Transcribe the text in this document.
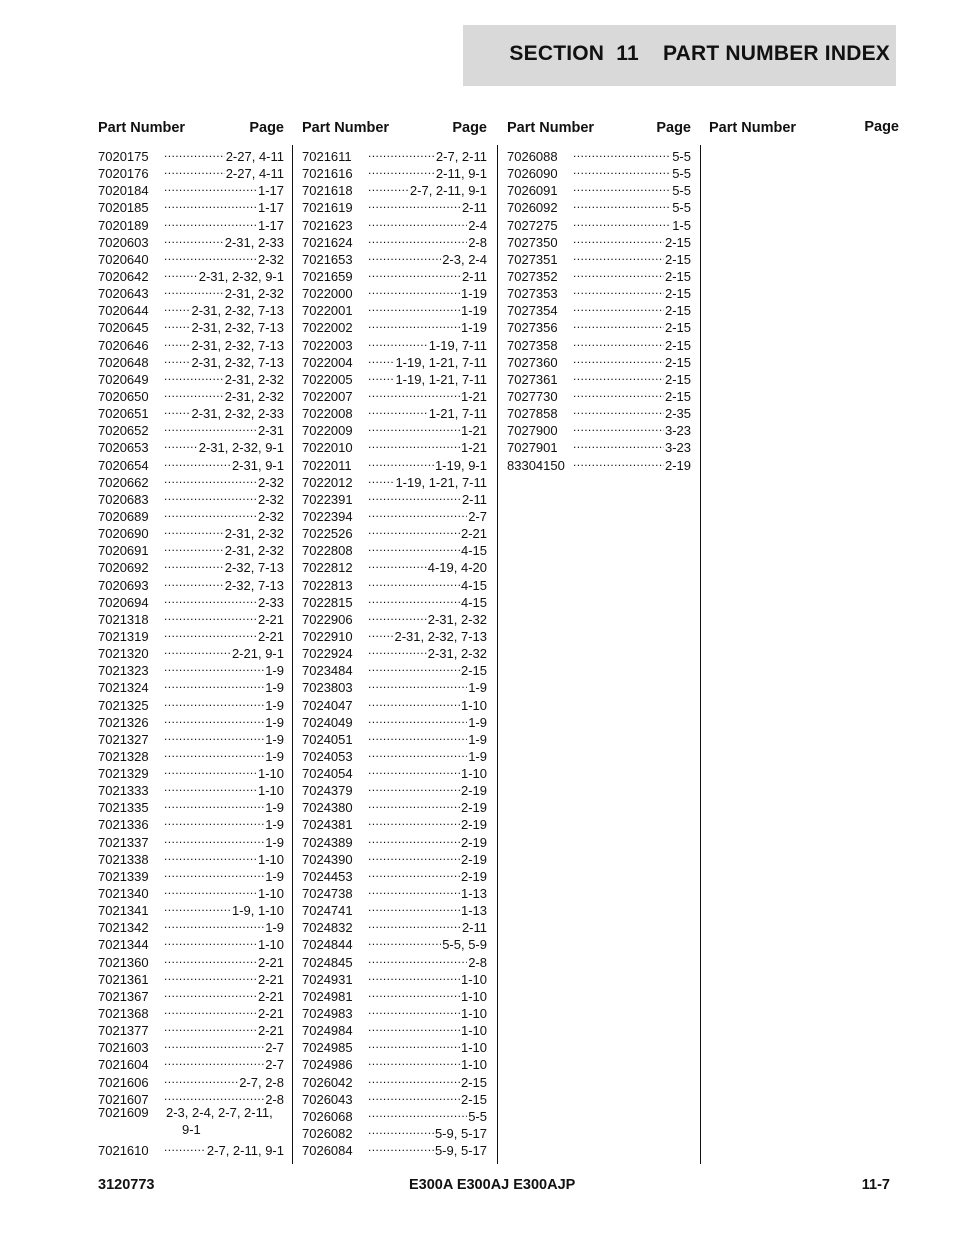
SECTION  11    PART NUMBER INDEX
Part Number	Page
7020175 .....	2-27, 4-11
7020176 .....	2-27, 4-11
7020184 .....	1-17
7020185 .....	1-17
7020189 .....	1-17
7020603 .....	2-31, 2-33
7020640 .....	2-32
7020642 .....	2-31, 2-32, 9-1
7020643 .....	2-31, 2-32
7020644 .....	2-31, 2-32, 7-13
7020645 .....	2-31, 2-32, 7-13
7020646 .....	2-31, 2-32, 7-13
7020648 .....	2-31, 2-32, 7-13
7020649 .....	2-31, 2-32
7020650 .....	2-31, 2-32
7020651 .....	2-31, 2-32, 2-33
7020652 .....	2-31
7020653 .....	2-31, 2-32, 9-1
7020654 .....	2-31, 9-1
7020662 .....	2-32
7020683 .....	2-32
7020689 .....	2-32
7020690 .....	2-31, 2-32
7020691 .....	2-31, 2-32
7020692 .....	2-32, 7-13
7020693 .....	2-32, 7-13
7020694 .....	2-33
7021318 .....	2-21
7021319 .....	2-21
7021320 .....	2-21, 9-1
7021323 .....	1-9
7021324 .....	1-9
7021325 .....	1-9
7021326 .....	1-9
7021327 .....	1-9
7021328 .....	1-9
7021329 .....	1-10
7021333 .....	1-10
7021335 .....	1-9
7021336 .....	1-9
7021337 .....	1-9
7021338 .....	1-10
7021339 .....	1-9
7021340 .....	1-10
7021341 .....	1-9, 1-10
7021342 .....	1-9
7021344 .....	1-10
7021360 .....	2-21
7021361 .....	2-21
7021367 .....	2-21
7021368 .....	2-21
7021377 .....	2-21
7021603 .....	2-7
7021604 .....	2-7
7021606 .....	2-7, 2-8
7021607 .....	2-8
7021609	2-3, 2-4, 2-7, 2-11,
9-1
7021610 .....	2-7, 2-11, 9-1
Part Number	Page
7021611 .....	2-7, 2-11
7021616 .....	2-11, 9-1
7021618 .....	2-7, 2-11, 9-1
7021619 .....	2-11
7021623 .....	2-4
7021624 .....	2-8
7021653 .....	2-3, 2-4
7021659 .....	2-11
7022000 .....	1-19
7022001 .....	1-19
7022002 .....	1-19
7022003 .....	1-19, 7-11
7022004 .....	1-19, 1-21, 7-11
7022005 .....	1-19, 1-21, 7-11
7022007 .....	1-21
7022008 .....	1-21, 7-11
7022009 .....	1-21
7022010 .....	1-21
7022011 .....	1-19, 9-1
7022012 .....	1-19, 1-21, 7-11
7022391 .....	2-11
7022394 .....	2-7
7022526 .....	2-21
7022808 .....	4-15
7022812 .....	4-19, 4-20
7022813 .....	4-15
7022815 .....	4-15
7022906 .....	2-31, 2-32
7022910 .....	2-31, 2-32, 7-13
7022924 .....	2-31, 2-32
7023484 .....	2-15
7023803 .....	1-9
7024047 .....	1-10
7024049 .....	1-9
7024051 .....	1-9
7024053 .....	1-9
7024054 .....	1-10
7024379 .....	2-19
7024380 .....	2-19
7024381 .....	2-19
7024389 .....	2-19
7024390 .....	2-19
7024453 .....	2-19
7024738 .....	1-13
7024741 .....	1-13
7024832 .....	2-11
7024844 .....	5-5, 5-9
7024845 .....	2-8
7024931 .....	1-10
7024981 .....	1-10
7024983 .....	1-10
7024984 .....	1-10
7024985 .....	1-10
7024986 .....	1-10
7026042 .....	2-15
7026043 .....	2-15
7026068 .....	5-5
7026082 .....	5-9, 5-17
7026084 .....	5-9, 5-17
Part Number	Page
7026088 .....	5-5
7026090 .....	5-5
7026091 .....	5-5
7026092 .....	5-5
7027275 .....	1-5
7027350 .....	2-15
7027351 .....	2-15
7027352 .....	2-15
7027353 .....	2-15
7027354 .....	2-15
7027356 .....	2-15
7027358 .....	2-15
7027360 .....	2-15
7027361 .....	2-15
7027730 .....	2-15
7027858 .....	2-35
7027900 .....	3-23
7027901 .....	3-23
83304150 .....	2-19
Part Number	Page
3120773	E300A E300AJ E300AJP	11-7
